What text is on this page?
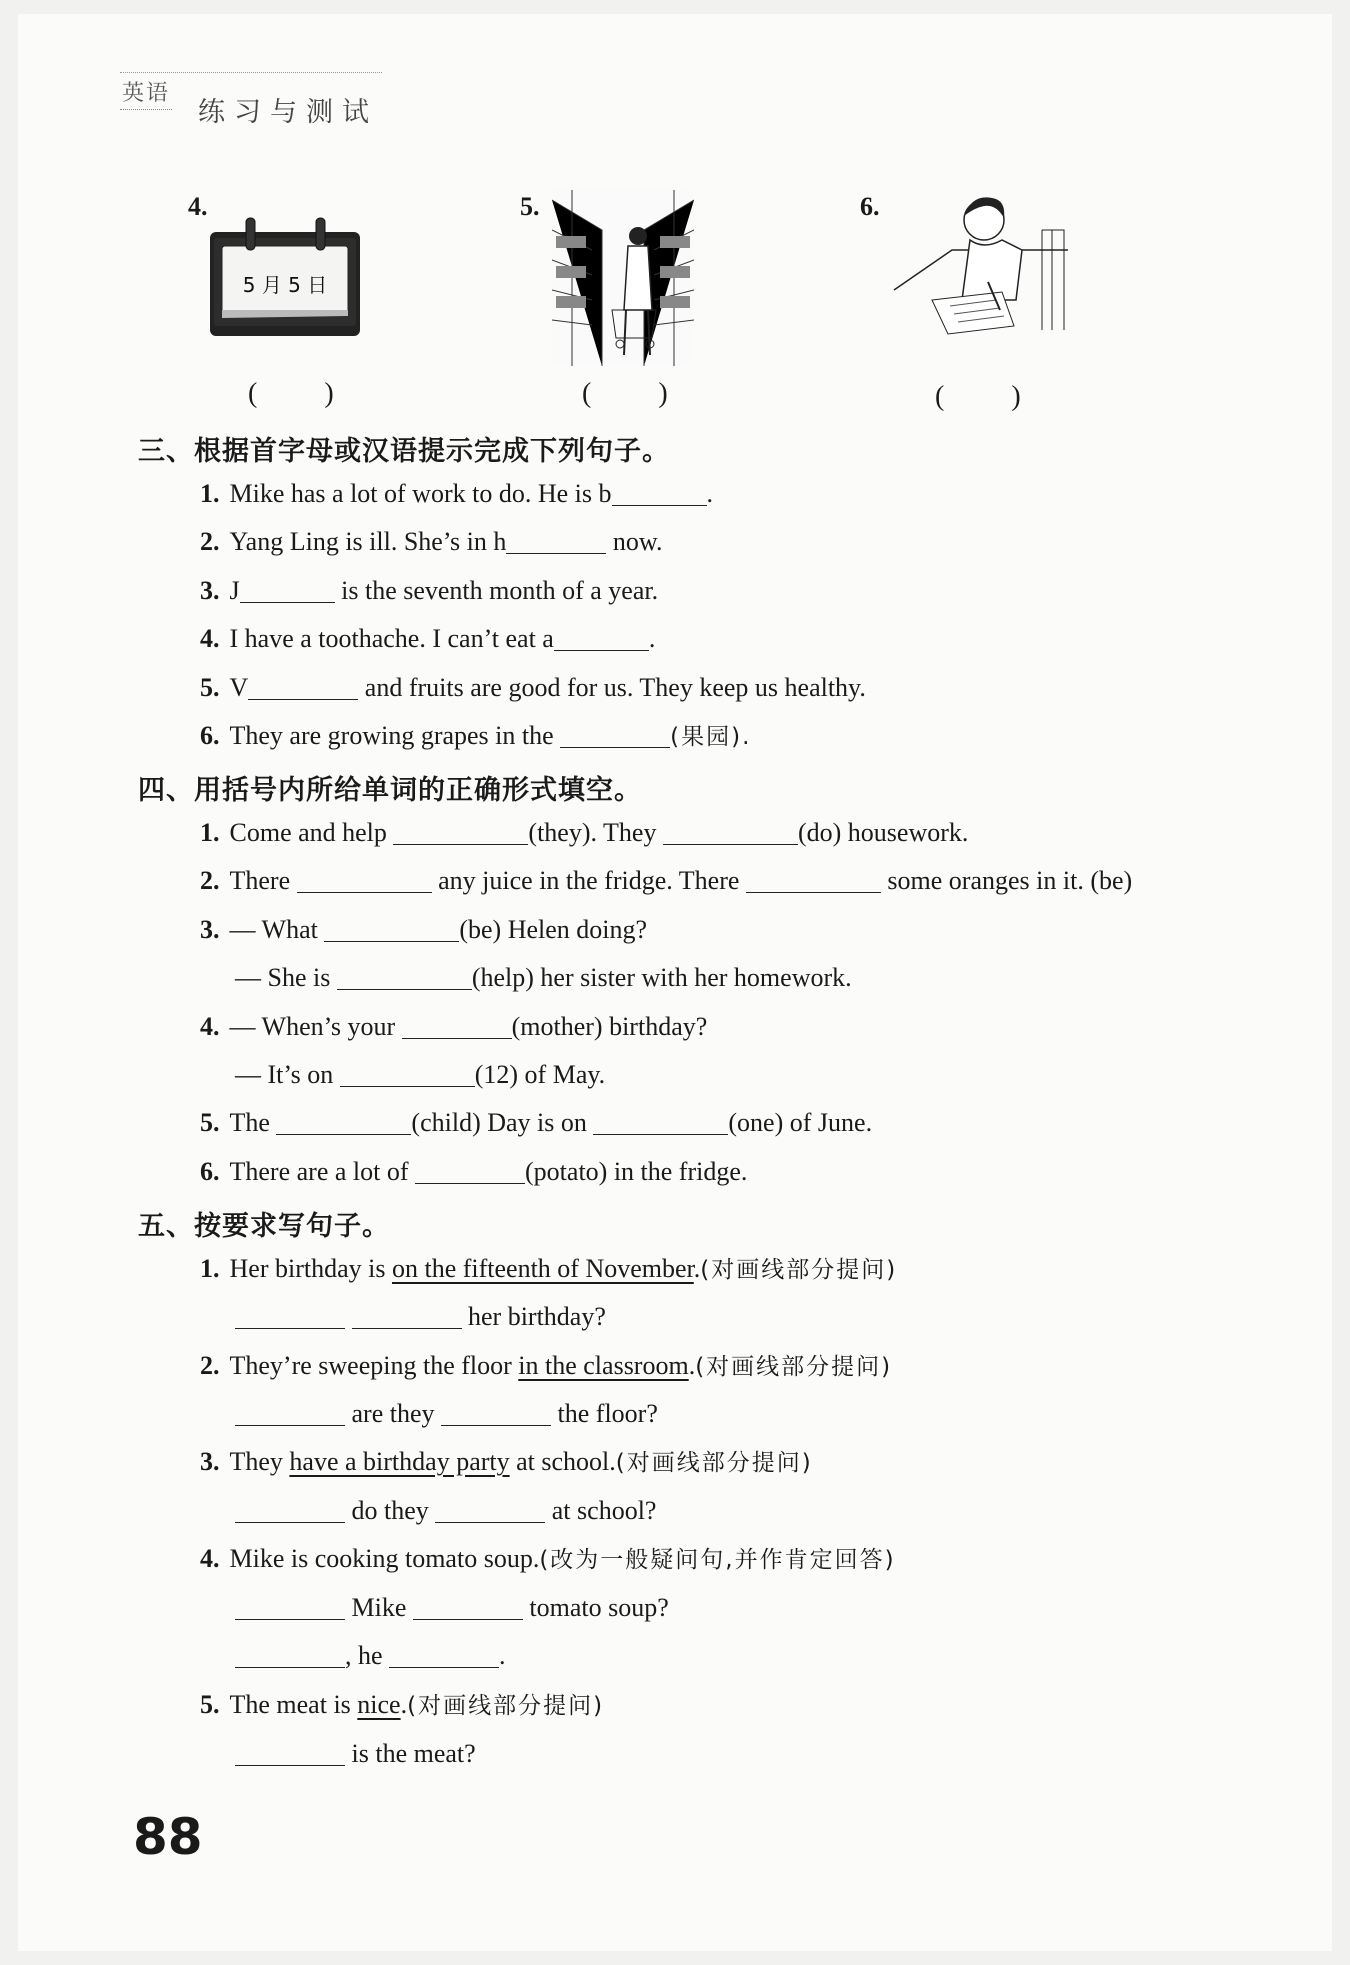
英语
练习与测试
4.
5 月 5 日
( )
5.
( )
6.
( )
三、根据首字母或汉语提示完成下列句子。
1. Mike has a lot of work to do. He is b	.
2. Yang Ling is ill. She’s in h	now.
3. J	is the seventh month of a year.
4. I have a toothache. I can’t eat a	.
5. V	and fruits are good for us. They keep us healthy.
6. They are growing grapes in the	(果园).
四、用括号内所给单词的正确形式填空。
1. Come and help	(they). They	(do) housework.
2. There	any juice in the fridge. There	some oranges in it. (be)
3. — What	(be) Helen doing?
— She is	(help) her sister with her homework.
4. — When’s your	(mother) birthday?
— It’s on	(12) of May.
5. The	(child) Day is on	(one) of June.
6. There are a lot of	(potato) in the fridge.
五、按要求写句子。
1. Her birthday is on the fifteenth of November.(对画线部分提问)
her birthday?
2. They’re sweeping the floor in the classroom.(对画线部分提问)
are they	the floor?
3. They have a birthday party at school.(对画线部分提问)
do they	at school?
4. Mike is cooking tomato soup.(改为一般疑问句,并作肯定回答)
Mike	tomato soup?
, he	.
5. The meat is nice.(对画线部分提问)
is the meat?
88
